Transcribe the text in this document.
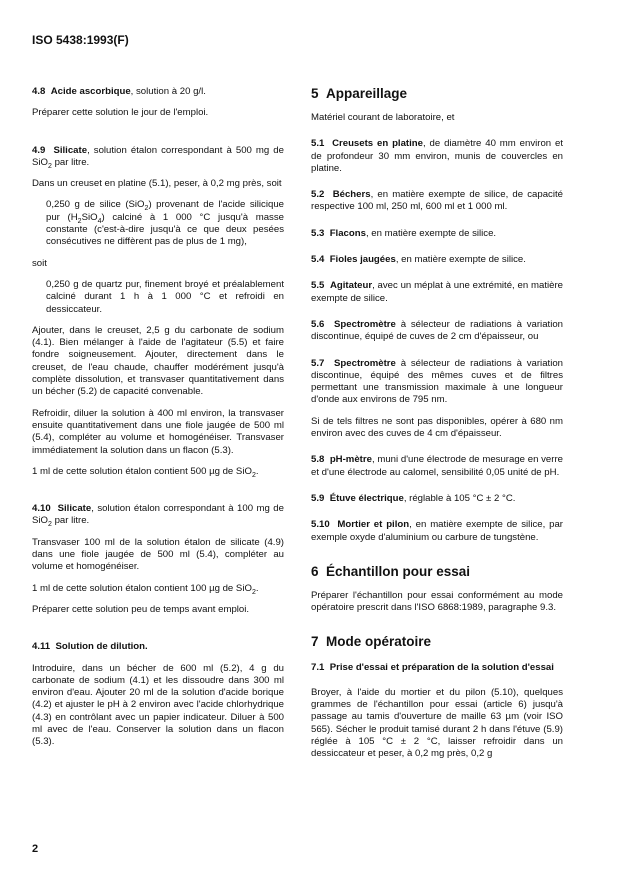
ISO 5438:1993(F)

4.8 Acide ascorbique, solution à 20 g/l.

Préparer cette solution le jour de l'emploi.

4.9 Silicate, solution étalon correspondant à 500 mg de SiO$_2$ par litre.

Dans un creuset en platine (5.1), peser, à 0,2 mg près, soit

0,250 g de silice (SiO$_2$) provenant de l'acide silicique pur $(H_2SiO_4)$ calciné à 1 000 °C jusqu'à masse constante (c'est-à-dire jusqu'à ce que deux pesées consécutives ne diffèrent pas de plus de 1 mg),

soit

0,250 g de quartz pur, finement broyé et préalablement calciné durant 1 h à 1 000 °C et refroidi en dessiccateur.

Ajouter, dans le creuset, 2,5 g du carbonate de sodium (4.1). Bien mélanger à l'aide de l'agitateur (5.5) et faire fondre soigneusement. Ajouter, directement dans le creuset, de l'eau chaude, chauffer modérément jusqu'à complète dissolution, et transvaser quantitativement dans un bécher (5.2) de capacité convenable.

Refroidir, diluer la solution à 400 ml environ, la transvaser ensuite quantitativement dans une fiole jaugée de 500 ml (5.4), compléter au volume et homogénéiser. Transvaser immédiatement la solution dans un flacon (5.3).

1 ml de cette solution étalon contient 500 µg de SiO$_2$.

4.10 Silicate, solution étalon correspondant à 100 mg de SiO$_2$ par litre.

Transvaser 100 ml de la solution étalon de silicate (4.9) dans une fiole jaugée de 500 ml (5.4), compléter au volume et homogénéiser.

1 ml de cette solution étalon contient 100 µg de SiO$_2$.

Préparer cette solution peu de temps avant emploi.

4.11 Solution de dilution.

Introduire, dans un bécher de 600 ml (5.2), 4 g du carbonate de sodium (4.1) et les dissoudre dans 300 ml environ d'eau. Ajouter 20 ml de la solution d'acide borique (4.2) et ajuster le pH à 2 environ avec l'acide chlorhydrique (4.3) en contrôlant avec un papier indicateur. Diluer à 500 ml avec de l'eau. Conserver la solution dans un flacon (5.3).

5 Appareillage

Matériel courant de laboratoire, et

5.1 Creusets en platine, de diamètre 40 mm environ et de profondeur 30 mm environ, munis de couvercles en platine.

5.2 Béchers, en matière exempte de silice, de capacité respective 100 ml, 250 ml, 600 ml et 1 000 ml.

5.3 Flacons, en matière exempte de silice.

5.4 Fioles jaugées, en matière exempte de silice.

5.5 Agitateur, avec un méplat à une extrémité, en matière exempte de silice.

5.6 Spectromètre à sélecteur de radiations à variation discontinue, équipé de cuves de 2 cm d'épaisseur, ou

5.7 Spectromètre à sélecteur de radiations à variation discontinue, équipé des mêmes cuves et de filtres permettant une transmission maximale à une longueur d'onde aux environs de 795 nm.

Si de tels filtres ne sont pas disponibles, opérer à 680 nm environ avec des cuves de 4 cm d'épaisseur.

5.8 pH-mètre, muni d'une électrode de mesurage en verre et d'une électrode au calomel, sensibilité 0,05 unité de pH.

5.9 Étuve électrique, réglable à 105 °C ± 2 °C.

5.10 Mortier et pilon, en matière exempte de silice, par exemple oxyde d'aluminium ou carbure de tungstène.

6 Échantillon pour essai

Préparer l'échantillon pour essai conformément au mode opératoire prescrit dans l'ISO 6868:1989, paragraphe 9.3.

7 Mode opératoire

7.1 Prise d'essai et préparation de la solution d'essai

Broyer, à l'aide du mortier et du pilon (5.10), quelques grammes de l'échantillon pour essai (article 6) jusqu'à passage au tamis d'ouverture de maille 63 µm (voir ISO 565). Sécher le produit tamisé durant 2 h dans l'étuve (5.9) réglée à 105 °C ± 2 °C, laisser refroidir dans un dessiccateur et peser, à 0,2 mg près, 0,2 g

2
